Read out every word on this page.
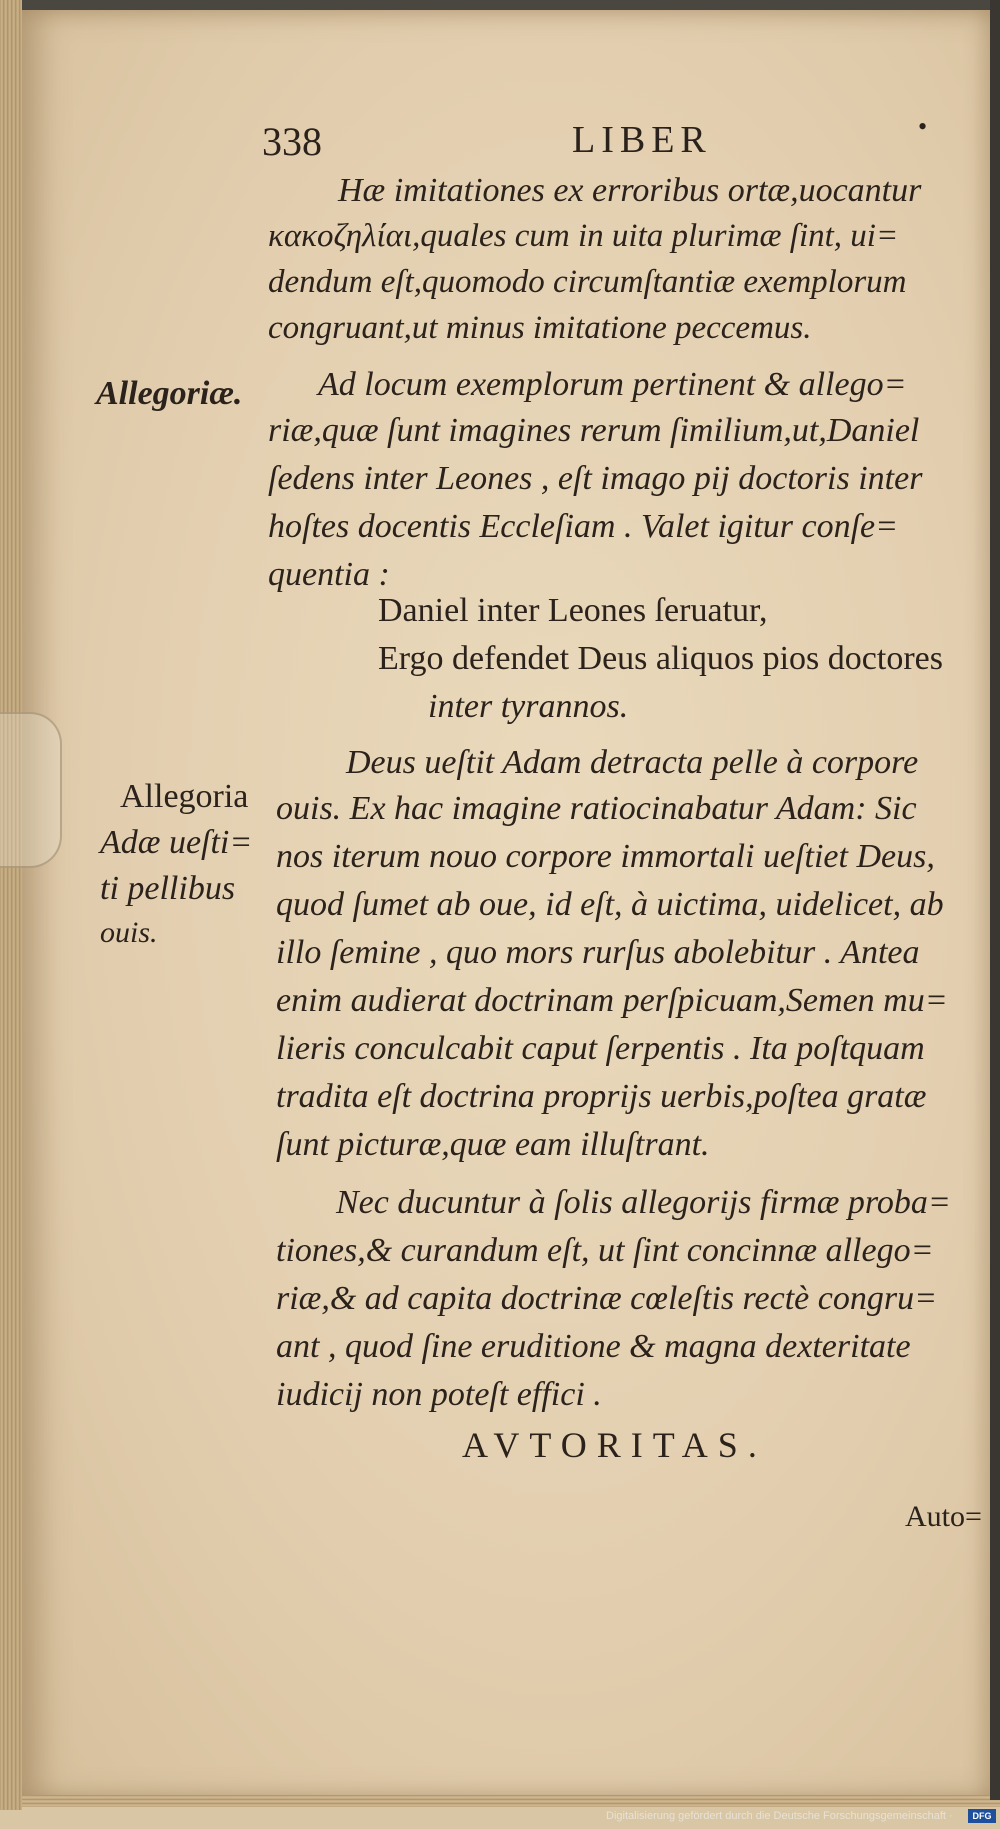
338	LIBER	•
Hæ imitationes ex erroribus ortæ,uocantur
κακοζηλίαι,quales cum in uita plurimæ ſint, ui=
dendum eſt,quomodo circumſtantiæ exemplorum
congruant,ut minus imitatione peccemus.
Allegoriæ. Ad locum exemplorum pertinent & allego=
riæ,quæ ſunt imagines rerum ſimilium,ut,Daniel
ſedens inter Leones , eſt imago pij doctoris inter
hoſtes docentis Eccleſiam . Valet igitur conſe=
quentia :
Daniel inter Leones ſeruatur,
Ergo defendet Deus aliquos pios doctores
inter tyrannos.
Allegoria
Adæ ueſti=
ti pellibus
ouis.
Deus ueſtit Adam detracta pelle à corpore
ouis. Ex hac imagine ratiocinabatur Adam: Sic
nos iterum nouo corpore immortali ueſtiet Deus,
quod ſumet ab oue, id eſt, à uictima, uidelicet, ab
illo ſemine , quo mors rurſus abolebitur . Antea
enim audierat doctrinam perſpicuam,Semen mu=
lieris conculcabit caput ſerpentis . Ita poſtquam
tradita eſt doctrina proprijs uerbis,poſtea gratæ
ſunt picturæ,quæ eam illuſtrant.
Nec ducuntur à ſolis allegorijs firmæ proba=
tiones,& curandum eſt, ut ſint concinnæ allego=
riæ,& ad capita doctrinæ cœleſtis rectè congru=
ant , quod ſine eruditione & magna dexteritate
iudicij non poteſt effici .
AVTORITAS.
Auto=
Digitalisierung gefördert durch die Deutsche Forschungsgemeinschaft ·	DFG
